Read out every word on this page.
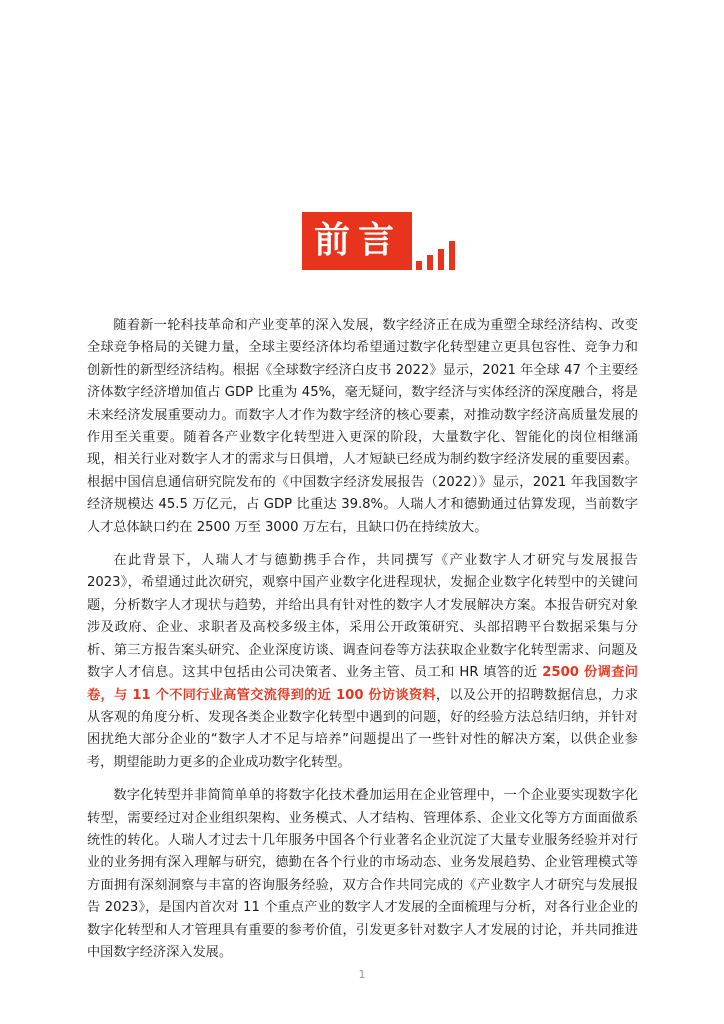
前言

随着新一轮科技革命和产业变革的深入发展，数字经济正在成为重塑全球经济结构、改变全球竞争格局的关键力量，全球主要经济体均希望通过数字化转型建立更具包容性、竞争力和创新性的新型经济结构。根据《全球数字经济白皮书 2022》显示，2021 年全球 47 个主要经济体数字经济增加值占 GDP 比重为 45%，毫无疑问，数字经济与实体经济的深度融合，将是未来经济发展重要动力。而数字人才作为数字经济的核心要素，对推动数字经济高质量发展的作用至关重要。随着各产业数字化转型进入更深的阶段，大量数字化、智能化的岗位相继涌现，相关行业对数字人才的需求与日俱增，人才短缺已经成为制约数字经济发展的重要因素。根据中国信息通信研究院发布的《中国数字经济发展报告（2022）》显示，2021 年我国数字经济规模达 45.5 万亿元，占 GDP 比重达 39.8%。人瑞人才和德勤通过估算发现，当前数字人才总体缺口约在 2500 万至 3000 万左右，且缺口仍在持续放大。

在此背景下，人瑞人才与德勤携手合作，共同撰写《产业数字人才研究与发展报告 2023》，希望通过此次研究，观察中国产业数字化进程现状，发掘企业数字化转型中的关键问题，分析数字人才现状与趋势，并给出具有针对性的数字人才发展解决方案。本报告研究对象涉及政府、企业、求职者及高校多级主体，采用公开政策研究、头部招聘平台数据采集与分析、第三方报告案头研究、企业深度访谈、调查问卷等方法获取企业数字化转型需求、问题及数字人才信息。这其中包括由公司决策者、业务主管、员工和 HR 填答的近 2500 份调查问卷，与 11 个不同行业高管交流得到的近 100 份访谈资料，以及公开的招聘数据信息，力求从客观的角度分析、发现各类企业数字化转型中遇到的问题，好的经验方法总结归纳，并针对困扰绝大部分企业的“数字人才不足与培养”问题提出了一些针对性的解决方案，以供企业参考，期望能助力更多的企业成功数字化转型。

数字化转型并非简简单单的将数字化技术叠加运用在企业管理中，一个企业要实现数字化转型，需要经过对企业组织架构、业务模式、人才结构、管理体系、企业文化等方方面面做系统性的转化。人瑞人才过去十几年服务中国各个行业著名企业沉淀了大量专业服务经验并对行业的业务拥有深入理解与研究，德勤在各个行业的市场动态、业务发展趋势、企业管理模式等方面拥有深刻洞察与丰富的咨询服务经验，双方合作共同完成的《产业数字人才研究与发展报告 2023》，是国内首次对 11 个重点产业的数字人才发展的全面梳理与分析，对各行业企业的数字化转型和人才管理具有重要的参考价值，引发更多针对数字人才发展的讨论，并共同推进中国数字经济深入发展。

1
